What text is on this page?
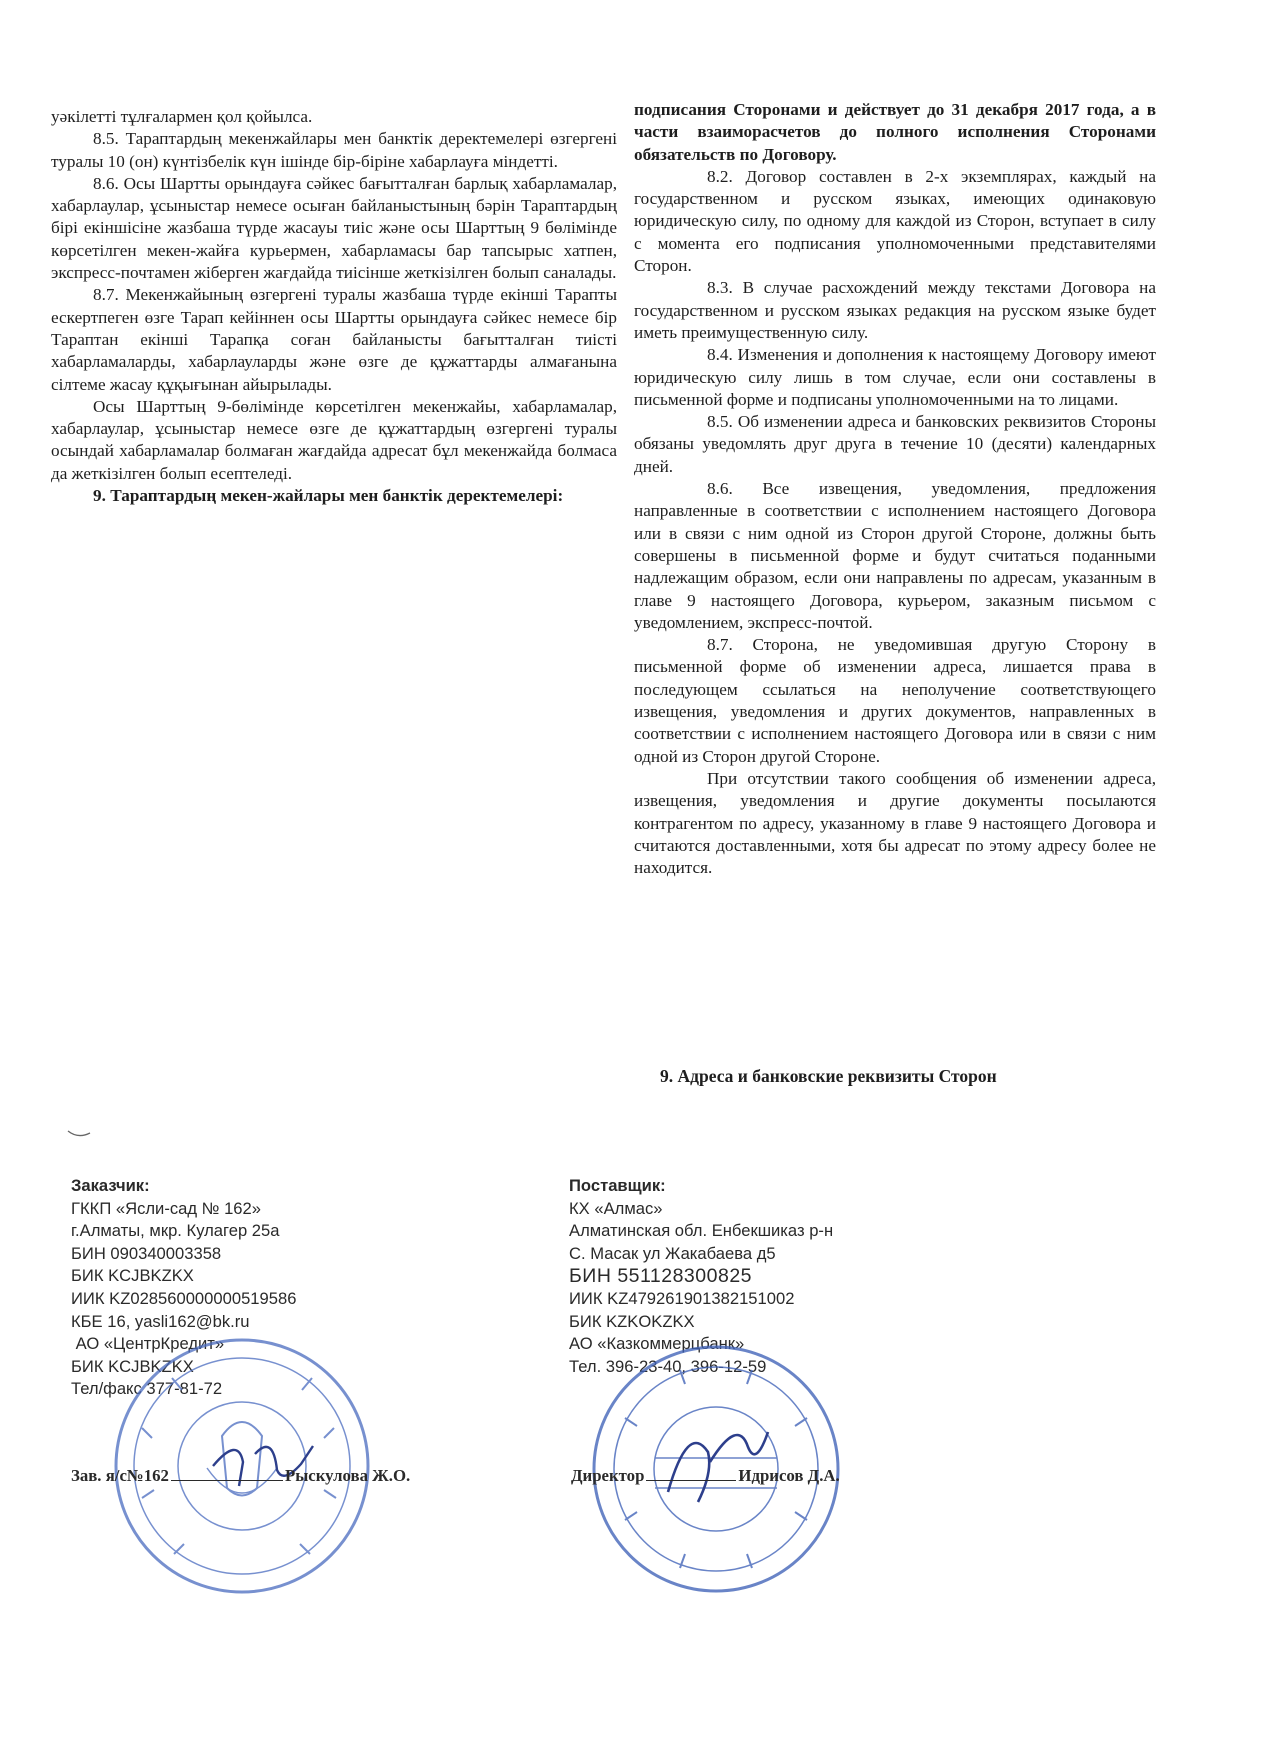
уәкілетті тұлғалармен қол қойылса.

8.5. Тараптардың мекенжайлары мен банктік деректемелері өзгергені туралы 10 (он) күнтізбелік күн ішінде бір-біріне хабарлауға міндетті.

8.6. Осы Шартты орындауға сәйкес бағытталған барлық хабарламалар, хабарлаулар, ұсыныстар немесе осыған байланыстының бәрін Тараптардың бірі екіншісіне жазбаша түрде жасауы тиіс және осы Шарттың 9 бөлімінде көрсетілген мекен-жайға курьермен, хабарламасы бар тапсырыс хатпен, экспресс-почтамен жіберген жағдайда тиісінше жеткізілген болып саналады.

8.7. Мекенжайының өзгергені туралы жазбаша түрде екінші Тарапты ескертпеген өзге Тарап кейіннен осы Шартты орындауға сәйкес немесе бір Тараптан екінші Тарапқа соған байланысты бағытталған тиісті хабарламаларды, хабарлауларды және өзге де құжаттарды алмағанына сілтеме жасау құқығынан айырылады.

Осы Шарттың 9-бөлімінде көрсетілген мекенжайы, хабарламалар, хабарлаулар, ұсыныстар немесе өзге де құжаттардың өзгергені туралы осындай хабарламалар болмаған жағдайда адресат бұл мекенжайда болмаса да жеткізілген болып есептеледі.

9. Тараптардың мекен-жайлары мен банктік деректемелері:

подписания Сторонами и действует до 31 декабря 2017 года, а в части взаиморасчетов до полного исполнения Сторонами обязательств по Договору.

8.2. Договор составлен в 2-х экземплярах, каждый на государственном и русском языках, имеющих одинаковую юридическую силу, по одному для каждой из Сторон, вступает в силу с момента его подписания уполномоченными представителями Сторон.

8.3. В случае расхождений между текстами Договора на государственном и русском языках редакция на русском языке будет иметь преимущественную силу.

8.4. Изменения и дополнения к настоящему Договору имеют юридическую силу лишь в том случае, если они составлены в письменной форме и подписаны уполномоченными на то лицами.

8.5. Об изменении адреса и банковских реквизитов Стороны обязаны уведомлять друг друга в течение 10 (десяти) календарных дней.

8.6. Все извещения, уведомления, предложения направленные в соответствии с исполнением настоящего Договора или в связи с ним одной из Сторон другой Стороне, должны быть совершены в письменной форме и будут считаться поданными надлежащим образом, если они направлены по адресам, указанным в главе 9 настоящего Договора, курьером, заказным письмом с уведомлением, экспресс-почтой.

8.7. Сторона, не уведомившая другую Сторону в письменной форме об изменении адреса, лишается права в последующем ссылаться на неполучение соответствующего извещения, уведомления и других документов, направленных в соответствии с исполнением настоящего Договора или в связи с ним одной из Сторон другой Стороне.

При отсутствии такого сообщения об изменении адреса, извещения, уведомления и другие документы посылаются контрагентом по адресу, указанному в главе 9 настоящего Договора и считаются доставленными, хотя бы адресат по этому адресу более не находится.

9. Адреса и банковские реквизиты Сторон
Заказчик:
ГККП «Ясли-сад № 162»
г.Алматы, мкр. Кулагер 25а
БИН 090340003358
БИК KCJBKZKX
ИИК KZ028560000000519586
КБЕ 16, yasli162@bk.ru
АО «ЦентрКредит»
БИК KCJBKZKX
Тел/факс 377-81-72
Поставщик:
КХ «Алмас»
Алматинская обл. Енбекшиказ р-н
С. Масак ул Жакабаева д5
БИН 551128300825
ИИК KZ479261901382151002
БИК KZKOKZKX
АО «Казкоммерцбанк»
Тел. 396-23-40, 396-12-59
Зав. я/с№162	Рыскулова Ж.О.	Директор	Идрисов Д.А.
